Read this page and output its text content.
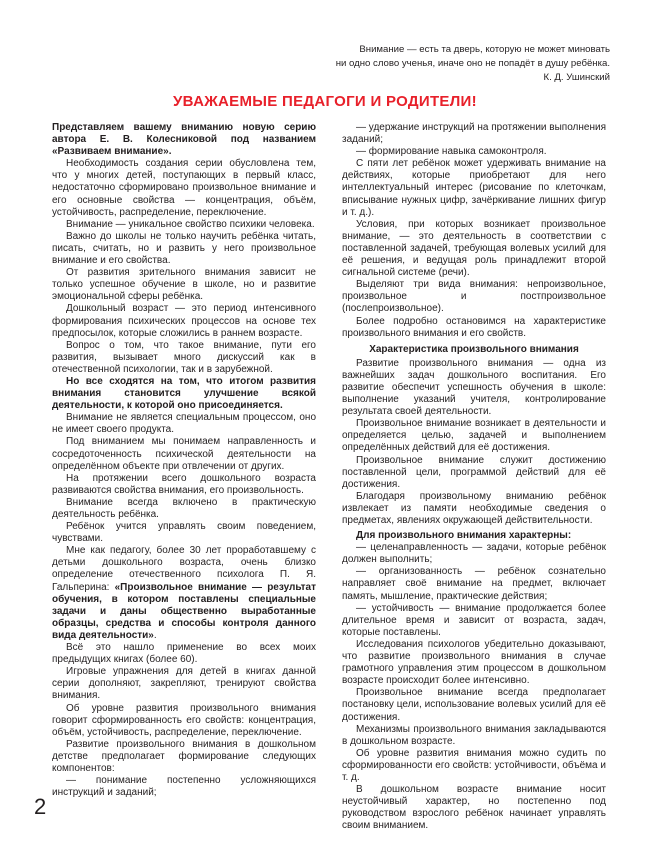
Внимание — есть та дверь, которую не может миновать

ни одно слово ученья, иначе оно не попадёт в душу ребёнка.

К. Д. Ушинский

УВАЖАЕМЫЕ ПЕДАГОГИ И РОДИТЕЛИ!

Представляем вашему вниманию новую серию автора Е. В. Колесниковой под названием «Развиваем внимание».

Необходимость создания серии обусловлена тем, что у многих детей, поступающих в первый класс, недостаточно сформировано произвольное внимание и его основные свойства — концентрация, объём, устойчивость, распределение, переключение.

Внимание — уникальное свойство психики человека.

Важно до школы не только научить ребёнка читать, писать, считать, но и развить у него произвольное внимание и его свойства.

От развития зрительного внимания зависит не только успешное обучение в школе, но и развитие эмоциональной сферы ребёнка.

Дошкольный возраст — это период интенсивного формирования психических процессов на основе тех предпосылок, которые сложились в раннем возрасте.

Вопрос о том, что такое внимание, пути его развития, вызывает много дискуссий как в отечественной психологии, так и в зарубежной.

Но все сходятся на том, что итогом развития внимания становится улучшение всякой деятельности, к которой оно присоединяется.

Внимание не является специальным процессом, оно не имеет своего продукта.

Под вниманием мы понимаем направленность и сосредоточенность психической деятельности на определённом объекте при отвлечении от других.

На протяжении всего дошкольного возраста развиваются свойства внимания, его произвольность.

Внимание всегда включено в практическую деятельность ребёнка.

Ребёнок учится управлять своим поведением, чувствами.

Мне как педагогу, более 30 лет проработавшему с детьми дошкольного возраста, очень близко определение отечественного психолога П. Я. Гальперина: «Произвольное внимание — результат обучения, в котором поставлены специальные задачи и даны общественно выработанные образцы, средства и способы контроля данного вида деятельности».

Всё это нашло применение во всех моих предыдущих книгах (более 60).

Игровые упражнения для детей в книгах данной серии дополняют, закрепляют, тренируют свойства внимания.

Об уровне развития произвольного внимания говорит сформированность его свойств: концентрация, объём, устойчивость, распределение, переключение.

Развитие произвольного внимания в дошкольном детстве предполагает формирование следующих компонентов:

— понимание постепенно усложняющихся инструкций и заданий;

— удержание инструкций на протяжении выполнения заданий;

— формирование навыка самоконтроля.

С пяти лет ребёнок может удерживать внимание на действиях, которые приобретают для него интеллектуальный интерес (рисование по клеточкам, вписывание нужных цифр, зачёркивание лишних фигур и т. д.).

Условия, при которых возникает произвольное внимание, — это деятельность в соответствии с поставленной задачей, требующая волевых усилий для её решения, и ведущая роль принадлежит второй сигнальной системе (речи).

Выделяют три вида внимания: непроизвольное, произвольное и постпроизвольное (послепроизвольное).

Более подробно остановимся на характеристике произвольного внимания и его свойств.

Характеристика произвольного внимания

Развитие произвольного внимания — одна из важнейших задач дошкольного воспитания. Его развитие обеспечит успешность обучения в школе: выполнение указаний учителя, контролирование результата своей деятельности.

Произвольное внимание возникает в деятельности и определяется целью, задачей и выполнением определённых действий для её достижения.

Произвольное внимание служит достижению поставленной цели, программой действий для её достижения.

Благодаря произвольному вниманию ребёнок извлекает из памяти необходимые сведения о предметах, явлениях окружающей действительности.

Для произвольного внимания характерны:

— целенаправленность — задачи, которые ребёнок должен выполнить;

— организованность — ребёнок сознательно направляет своё внимание на предмет, включает память, мышление, практические действия;

— устойчивость — внимание продолжается более длительное время и зависит от возраста, задач, которые поставлены.

Исследования психологов убедительно доказывают, что развитие произвольного внимания в случае грамотного управления этим процессом в дошкольном возрасте происходит более интенсивно.

Произвольное внимание всегда предполагает постановку цели, использование волевых усилий для её достижения.

Механизмы произвольного внимания закладываются в дошкольном возрасте.

Об уровне развития внимания можно судить по сформированности его свойств: устойчивости, объёма и т. д.

В дошкольном возрасте внимание носит неустойчивый характер, но постепенно под руководством взрослого ребёнок начинает управлять своим вниманием.

2
